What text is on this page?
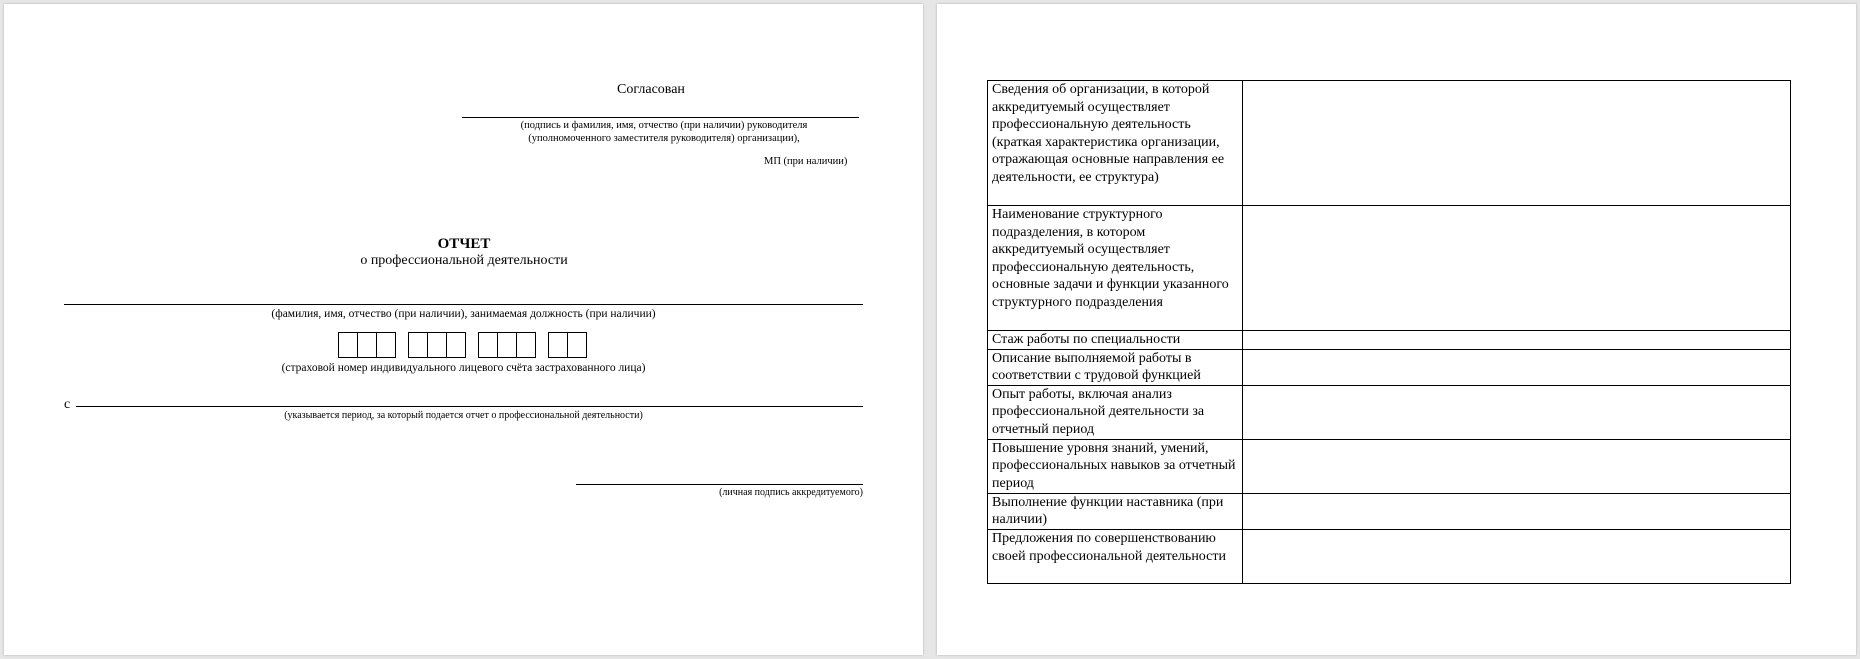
Согласован
(подпись и фамилия, имя, отчество (при наличии) руководителя
(уполномоченного заместителя руководителя) организации),
МП (при наличии)
ОТЧЕТ
о профессиональной деятельности
(фамилия, имя, отчество (при наличии), занимаемая должность (при наличии)
(страховой номер индивидуального лицевого счёта застрахованного лица)
с
(указывается период, за который подается отчет о профессиональной деятельности)
(личная подпись аккредитуемого)
Сведения об организации, в которой аккредитуемый осуществляет профессиональную деятельность (краткая характеристика организации, отражающая основные направления ее деятельности, ее структура)	
Наименование структурного подразделения, в котором аккредитуемый осуществляет профессиональную деятельность, основные задачи и функции указанного структурного подразделения	
Стаж работы по специальности	
Описание выполняемой работы в соответствии с трудовой функцией	
Опыт работы, включая анализ профессиональной деятельности за отчетный период	
Повышение уровня знаний, умений, профессиональных навыков за отчетный период	
Выполнение функции наставника (при наличии)	
Предложения по совершенствованию своей профессиональной деятельности	
